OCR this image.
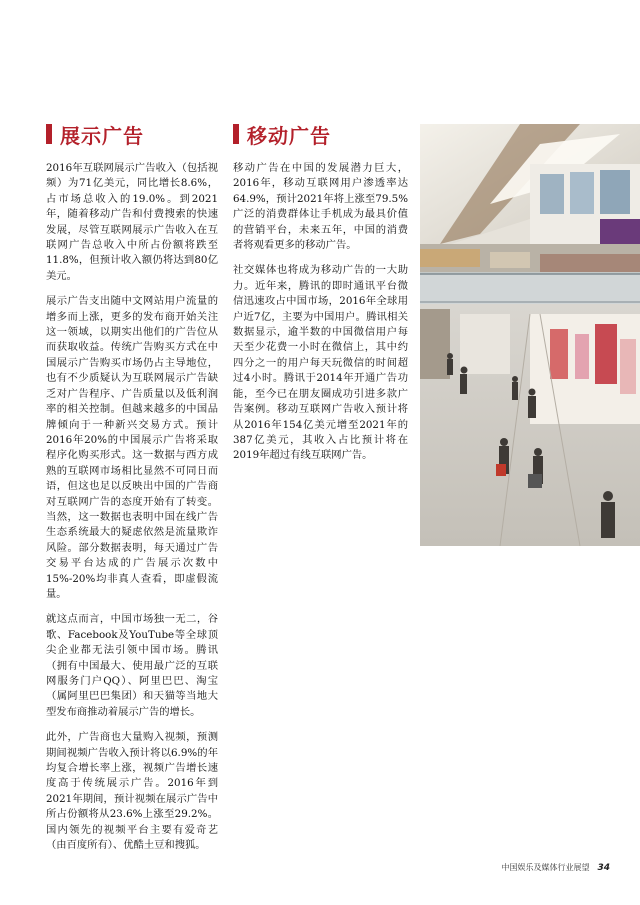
展示广告

2016年互联网展示广告收入（包括视频）为71亿美元，同比增长8.6%，占市场总收入的19.0%。到2021年，随着移动广告和付费搜索的快速发展，尽管互联网展示广告收入在互联网广告总收入中所占份额将跌至11.8%，但预计收入额仍将达到80亿美元。

展示广告支出随中文网站用户流量的增多而上涨，更多的发布商开始关注这一领域，以期实出他们的广告位从而获取收益。传统广告购买方式在中国展示广告购买市场仍占主导地位，也有不少质疑认为互联网展示广告缺乏对广告程序、广告质量以及低利润率的相关控制。但越来越多的中国品牌倾向于一种新兴交易方式。预计2016年20%的中国展示广告将采取程序化购买形式。这一数据与西方成熟的互联网市场相比显然不可同日而语，但这也足以反映出中国的广告商对互联网广告的态度开始有了转变。当然，这一数据也表明中国在线广告生态系统最大的疑虑依然是流量欺诈风险。部分数据表明，每天通过广告交易平台达成的广告展示次数中15%-20%均非真人查看，即虚假流量。

就这点而言，中国市场独一无二，谷歌、Facebook及YouTube等全球顶尖企业都无法引领中国市场。腾讯（拥有中国最大、使用最广泛的互联网服务门户QQ）、阿里巴巴、淘宝（属阿里巴巴集团）和天猫等当地大型发布商推动着展示广告的增长。

此外，广告商也大量购入视频，预测期间视频广告收入预计将以6.9%的年均复合增长率上涨，视频广告增长速度高于传统展示广告。2016年到2021年期间，预计视频在展示广告中所占份额将从23.6%上涨至29.2%。国内领先的视频平台主要有爱奇艺（由百度所有）、优酷土豆和搜狐。

移动广告

移动广告在中国的发展潜力巨大，2016年，移动互联网用户渗透率达64.9%，预计2021年将上涨至79.5%广泛的消费群体让手机成为最具价值的营销平台，未来五年，中国的消费者将观看更多的移动广告。

社交媒体也将成为移动广告的一大助力。近年来，腾讯的即时通讯平台微信迅速攻占中国市场，2016年全球用户近7亿，主要为中国用户。腾讯相关数据显示，逾半数的中国微信用户每天至少花费一小时在微信上，其中约四分之一的用户每天玩微信的时间超过4小时。腾讯于2014年开通广告功能，至今已在朋友圈成功引进多款广告案例。移动互联网广告收入预计将从2016年154亿美元增至2021年的387亿美元，其收入占比预计将在2019年超过有线互联网广告。

中国娱乐及媒体行业展望 34
